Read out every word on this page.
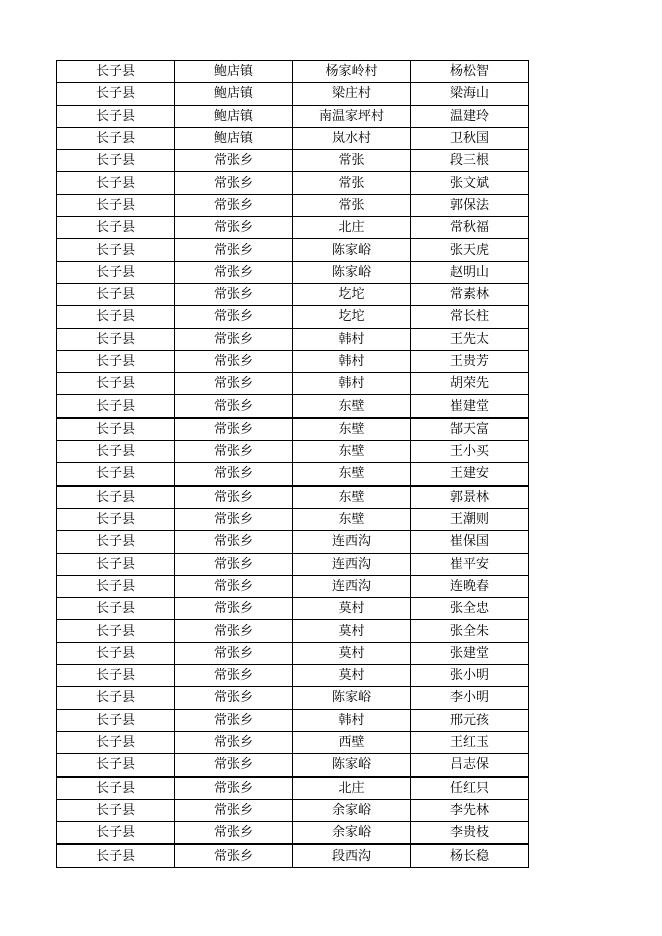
长子县	鲍店镇	杨家岭村	杨松智
长子县	鲍店镇	梁庄村	梁海山
长子县	鲍店镇	南温家坪村	温建玲
长子县	鲍店镇	岚水村	卫秋国
长子县	常张乡	常张	段三根
长子县	常张乡	常张	张文斌
长子县	常张乡	常张	郭保法
长子县	常张乡	北庄	常秋福
长子县	常张乡	陈家峪	张天虎
长子县	常张乡	陈家峪	赵明山
长子县	常张乡	圪坨	常素林
长子县	常张乡	圪坨	常长柱
长子县	常张乡	韩村	王先太
长子县	常张乡	韩村	王贵芳
长子县	常张乡	韩村	胡荣先
长子县	常张乡	东壁	崔建堂
长子县	常张乡	东壁	郜天富
长子县	常张乡	东壁	王小买
长子县	常张乡	东壁	王建安
长子县	常张乡	东壁	郭景林
长子县	常张乡	东壁	王潮则
长子县	常张乡	连西沟	崔保国
长子县	常张乡	连西沟	崔平安
长子县	常张乡	连西沟	连晚春
长子县	常张乡	莫村	张全忠
长子县	常张乡	莫村	张全朱
长子县	常张乡	莫村	张建堂
长子县	常张乡	莫村	张小明
长子县	常张乡	陈家峪	李小明
长子县	常张乡	韩村	邢元孩
长子县	常张乡	西壁	王红玉
长子县	常张乡	陈家峪	吕志保
长子县	常张乡	北庄	任红只
长子县	常张乡	余家峪	李先林
长子县	常张乡	余家峪	李贵枝
长子县	常张乡	段西沟	杨长稳
